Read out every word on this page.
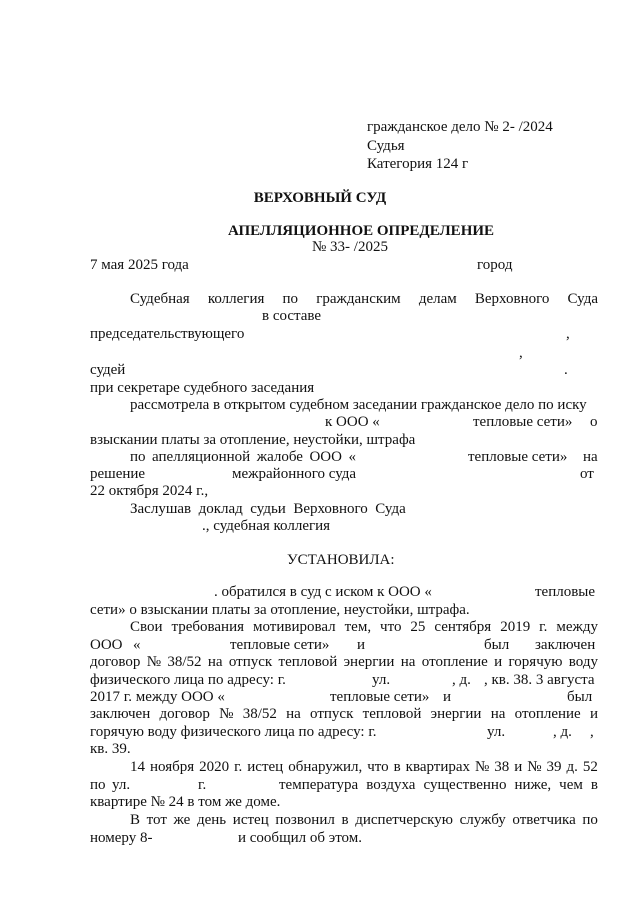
гражданское дело № 2- /2024
Судья
Категория 124 г
ВЕРХОВНЫЙ СУД
АПЕЛЛЯЦИОННОЕ ОПРЕДЕЛЕНИЕ
№ 33- /2025
7 мая 2025 года	город
Судебная коллегия по гражданским делам Верховного Суда
в составе
председательствующего	,
,
судей	.
при секретаре судебного заседания
рассмотрела в открытом судебном заседании гражданское дело по иску
к ООО «	тепловые сети» о
взыскании платы за отопление, неустойки, штрафа
по апелляционной жалобе ООО «	тепловые сети» на
решение	межрайонного суда	от
22 октября 2024 г.,
Заслушав  доклад  судьи  Верховного  Суда
., судебная коллегия
УСТАНОВИЛА:
. обратился в суд с иском к ООО «	тепловые
сети» о взыскании платы за отопление, неустойки, штрафа.
Свои требования мотивировал тем, что 25 сентября 2019 г. между
ООО «	тепловые сети» и	был заключен
договор № 38/52 на отпуск тепловой энергии на отопление и горячую воду
физического лица по адресу: г.	ул.	, д. , кв. 38. 3 августа
2017 г. между ООО «	тепловые сети» и	был
заключен договор № 38/52 на отпуск тепловой энергии на отопление и
горячую воду физического лица по адресу: г.	ул.	, д. ,
кв. 39.
14 ноября 2020 г. истец обнаружил, что в квартирах № 38 и № 39 д. 52
по ул.	г.	температура воздуха существенно ниже, чем в
квартире № 24 в том же доме.
В тот же день истец позвонил в диспетчерскую службу ответчика по
номеру 8-	и сообщил об этом.
